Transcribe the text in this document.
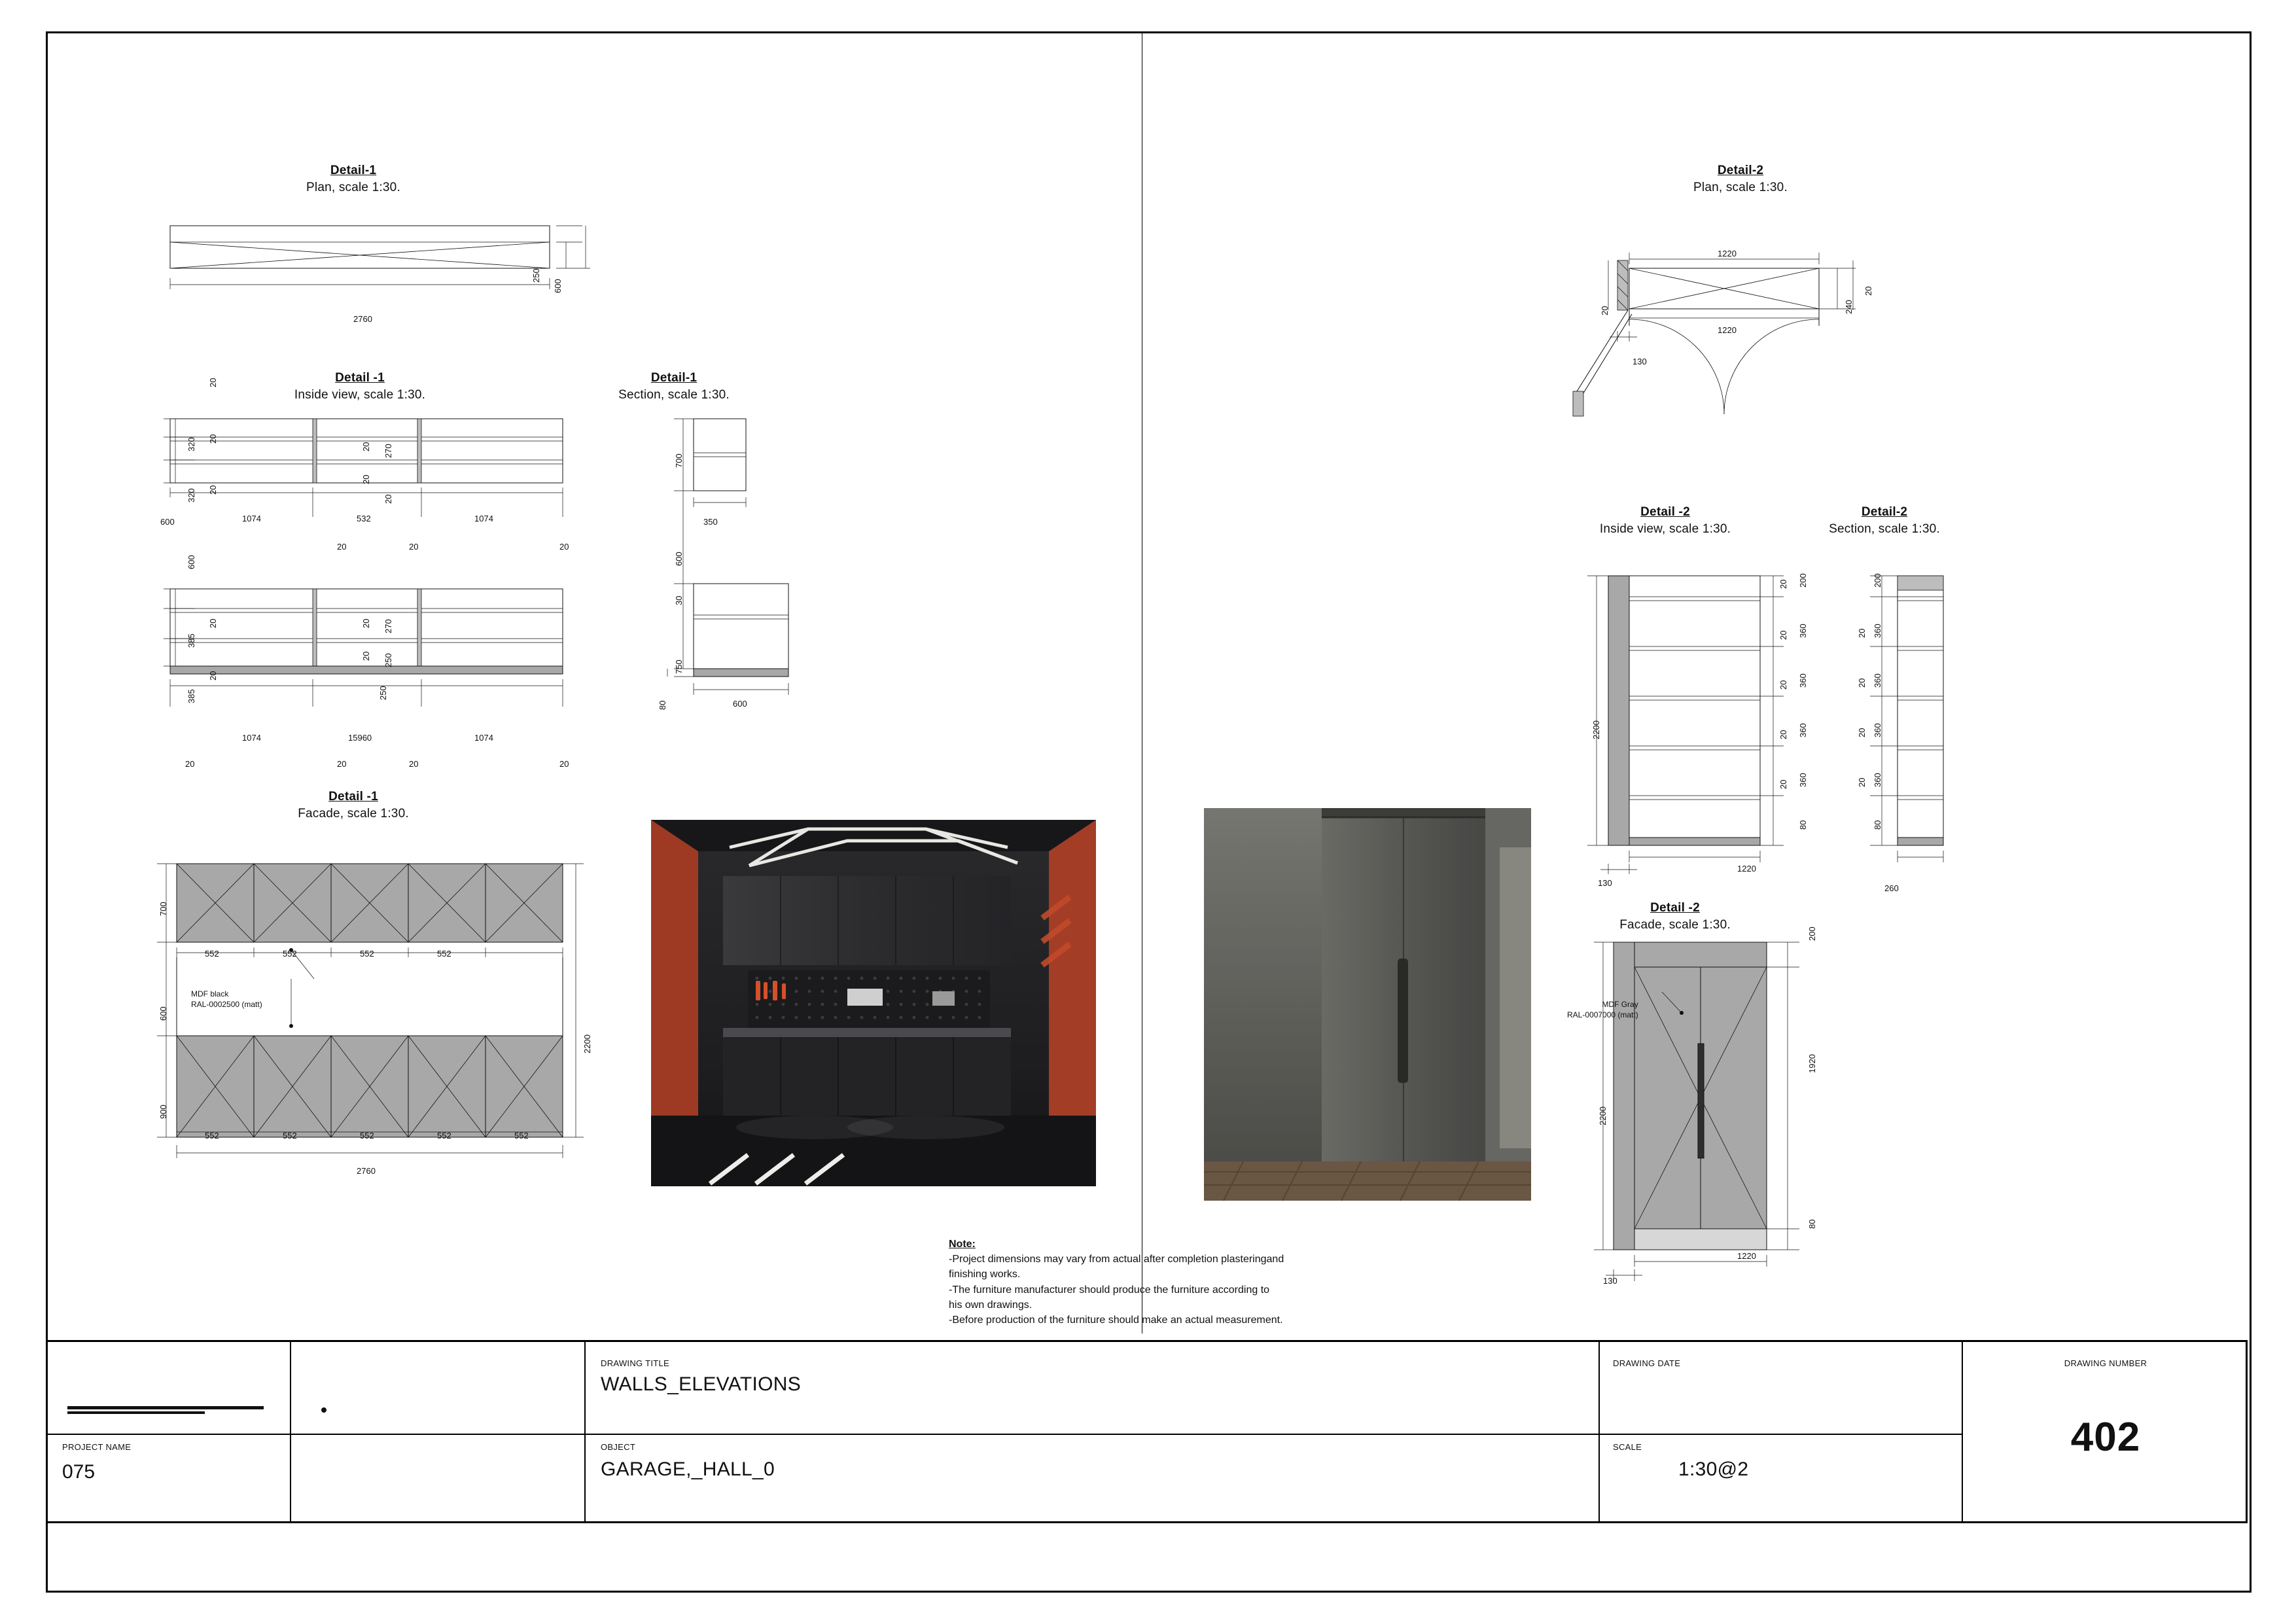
Detail-1
Plan, scale 1:30.
250
600
2760
Detail -1
Inside view, scale 1:30.
20
320 20
320 20
20 270
20
20
600	1074	532	1074
20	20	20
600
385
20
385
20
20 270
20 250
250
1074	15960	1074
20	20	20	20
Detail-1
Section, scale 1:30.
700
350
600
30
750
80	600
Detail -1
Facade, scale 1:30.
700
600
900
2200
552	552	552	552
552	552	552	552	552
2760
MDF black
RAL-0002500 (matt)
Detail-2
Plan, scale 1:30.
1220
1220
20	240
20
130
Detail -2
Inside view, scale 1:30.
2200
20 200
20 360
20 360
20 360
20 360
80
1220
130
Detail-2
Section, scale 1:30.
200
360
20
360
20
360
20
360
20
80
260
Detail -2
Facade, scale 1:30.
2200
200
1920
80
1220
130
MDF Gray
RAL-0007000 (matt)
Note:
-Project dimensions may vary from actual after completion plasteringand
finishing works.
-The furniture manufacturer should produce the furniture according to
his own drawings.
-Before production of the furniture should make an actual measurement.
PROJECT NAME
075
DRAWING TITLE
WALLS_ELEVATIONS
OBJECT
GARAGE,_HALL_0
DRAWING DATE
SCALE
1:30@2
DRAWING NUMBER
402
